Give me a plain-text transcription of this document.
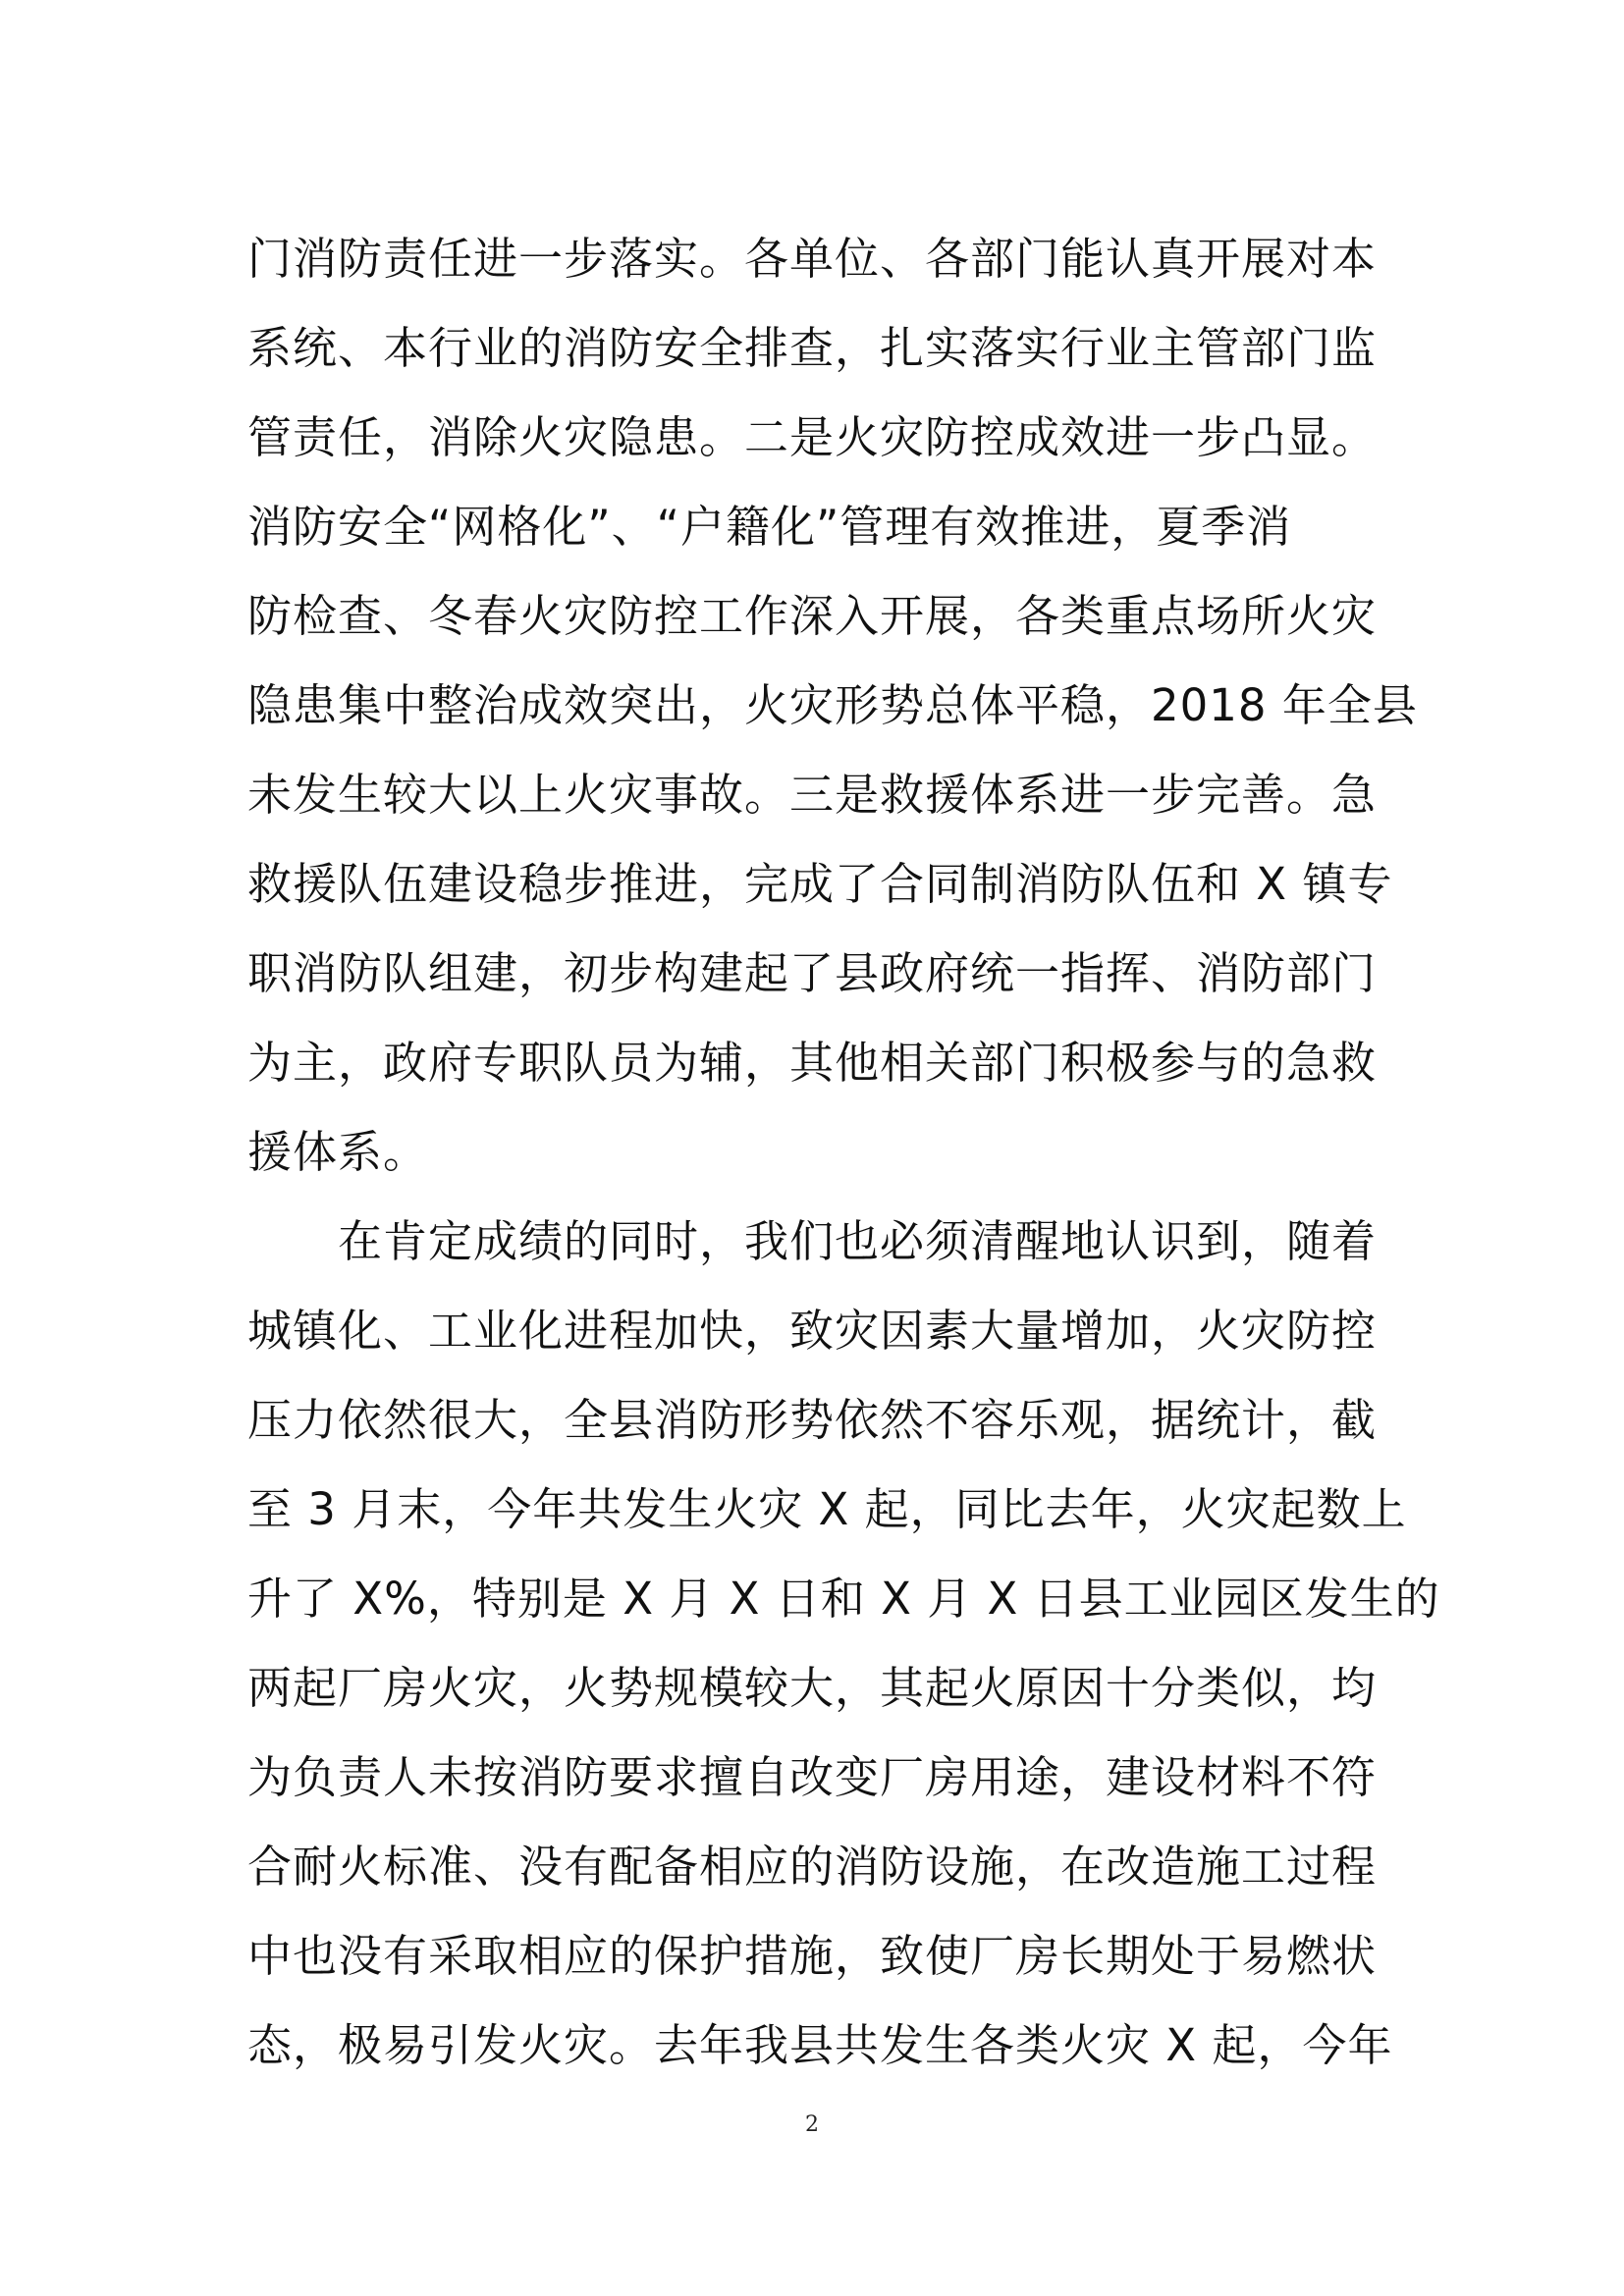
门消防责任进一步落实。各单位、各部门能认真开展对本
系统、本行业的消防安全排查，扎实落实行业主管部门监
管责任，消除火灾隐患。二是火灾防控成效进一步凸显。
消防安全“网格化”、“户籍化”管理有效推进，夏季消
防检查、冬春火灾防控工作深入开展，各类重点场所火灾
隐患集中整治成效突出，火灾形势总体平稳，2018 年全县
未发生较大以上火灾事故。三是救援体系进一步完善。急
救援队伍建设稳步推进，完成了合同制消防队伍和 X 镇专
职消防队组建，初步构建起了县政府统一指挥、消防部门
为主，政府专职队员为辅，其他相关部门积极参与的急救
援体系。
　　在肯定成绩的同时，我们也必须清醒地认识到，随着
城镇化、工业化进程加快，致灾因素大量增加，火灾防控
压力依然很大，全县消防形势依然不容乐观，据统计，截
至 3 月末，今年共发生火灾 X 起，同比去年，火灾起数上
升了 X%，特别是 X 月 X 日和 X 月 X 日县工业园区发生的
两起厂房火灾，火势规模较大，其起火原因十分类似，均
为负责人未按消防要求擅自改变厂房用途，建设材料不符
合耐火标准、没有配备相应的消防设施，在改造施工过程
中也没有采取相应的保护措施，致使厂房长期处于易燃状
态，极易引发火灾。去年我县共发生各类火灾 X 起，今年
2
